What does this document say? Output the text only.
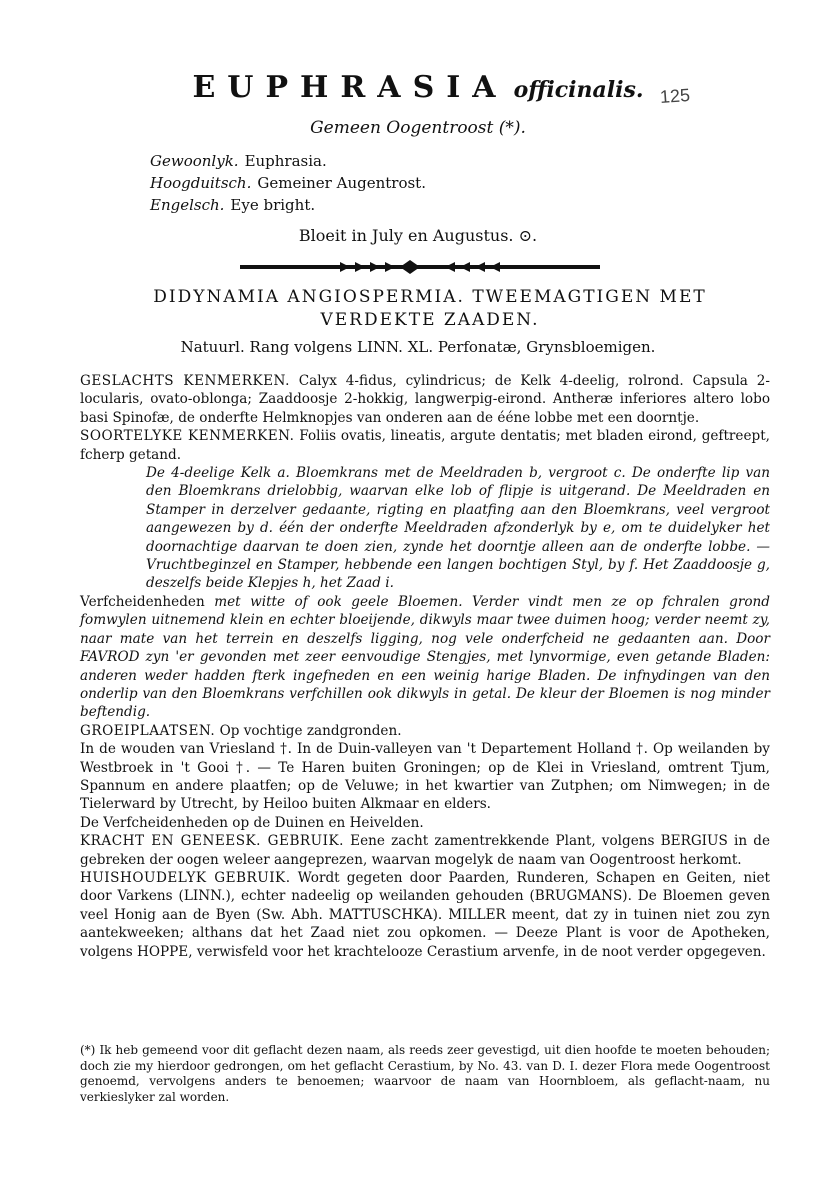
EUPHRASIA officinalis. 125
Gemeen Oogentroost (*).
Gewoonlyk. Euphrasia.
Hoogduitsch. Gemeiner Augentrost.
Engelsch. Eye bright.
Bloeit in July en Augustus. ⊙.
DIDYNAMIA ANGIOSPERMIA. TWEEMAGTIGEN MET
VERDEKTE ZAADEN.
Natuurl. Rang volgens LINN. XL. Perfonatæ, Grynsbloemigen.

GESLACHTS KENMERKEN. Calyx 4-fidus, cylindricus; de Kelk 4-deelig, rolrond. Capsula 2-locularis, ovato-oblonga; Zaaddoosje 2-hokkig, langwerpig-eirond. Antheræ inferiores altero lobo basi Spinofæ, de onderfte Helmknopjes van onderen aan de ééne lobbe met een doorntje.

SOORTELYKE KENMERKEN. Foliis ovatis, lineatis, argute dentatis; met bladen eirond, geftreept, fcherp getand.

De 4-deelige Kelk a. Bloemkrans met de Meeldraden b, vergroot c. De onderfte lip van den Bloemkrans drielobbig, waarvan elke lob of flipje is uitgerand. De Meeldraden en Stamper in derzelver gedaante, rigting en plaatfing aan den Bloemkrans, veel vergroot aangewezen by d. één der onderfte Meeldraden afzonderlyk by e, om te duidelyker het doornachtige daarvan te doen zien, zynde het doorntje alleen aan de onderfte lobbe. — Vruchtbeginzel en Stamper, hebbende een langen bochtigen Styl, by f. Het Zaaddoosje g, deszelfs beide Klepjes h, het Zaad i.

Verfcheidenheden met witte of ook geele Bloemen. Verder vindt men ze op fchralen grond fomwylen uitnemend klein en echter bloeijende, dikwyls maar twee duimen hoog; verder neemt zy, naar mate van het terrein en deszelfs ligging, nog vele onderfcheid ne gedaanten aan. Door FAVROD zyn 'er gevonden met zeer eenvoudige Stengjes, met lynvormige, even getande Bladen: anderen weder hadden fterk ingefneden en een weinig harige Bladen. De infnydingen van den onderlip van den Bloemkrans verfchillen ook dikwyls in getal. De kleur der Bloemen is nog minder beftendig.

GROEIPLAATSEN. Op vochtige zandgronden.

In de wouden van Vriesland †. In de Duin-valleyen van 't Departement Holland †. Op weilanden by Westbroek in 't Gooi †. — Te Haren buiten Groningen; op de Klei in Vriesland, omtrent Tjum, Spannum en andere plaatfen; op de Veluwe; in het kwartier van Zutphen; om Nimwegen; in de Tielerward by Utrecht, by Heiloo buiten Alkmaar en elders.

De Verfcheidenheden op de Duinen en Heivelden.

KRACHT EN GENEESK. GEBRUIK. Eene zacht zamentrekkende Plant, volgens BERGIUS in de gebreken der oogen weleer aangeprezen, waarvan mogelyk de naam van Oogentroost herkomt.

HUISHOUDELYK GEBRUIK. Wordt gegeten door Paarden, Runderen, Schapen en Geiten, niet door Varkens (LINN.), echter nadeelig op weilanden gehouden (BRUGMANS). De Bloemen geven veel Honig aan de Byen (Sw. Abh. MATTUSCHKA). MILLER meent, dat zy in tuinen niet zou zyn aantekweeken; althans dat het Zaad niet zou opkomen. — Deeze Plant is voor de Apotheken, volgens HOPPE, verwisfeld voor het krachtelooze Cerastium arvenfe, in de noot verder opgegeven.

(*) Ik heb gemeend voor dit geflacht dezen naam, als reeds zeer gevestigd, uit dien hoofde te moeten behouden; doch zie my hierdoor gedrongen, om het geflacht Cerastium, by No. 43. van D. I. dezer Flora mede Oogentroost genoemd, vervolgens anders te benoemen; waarvoor de naam van Hoornbloem, als geflacht-naam, nu verkieslyker zal worden.
